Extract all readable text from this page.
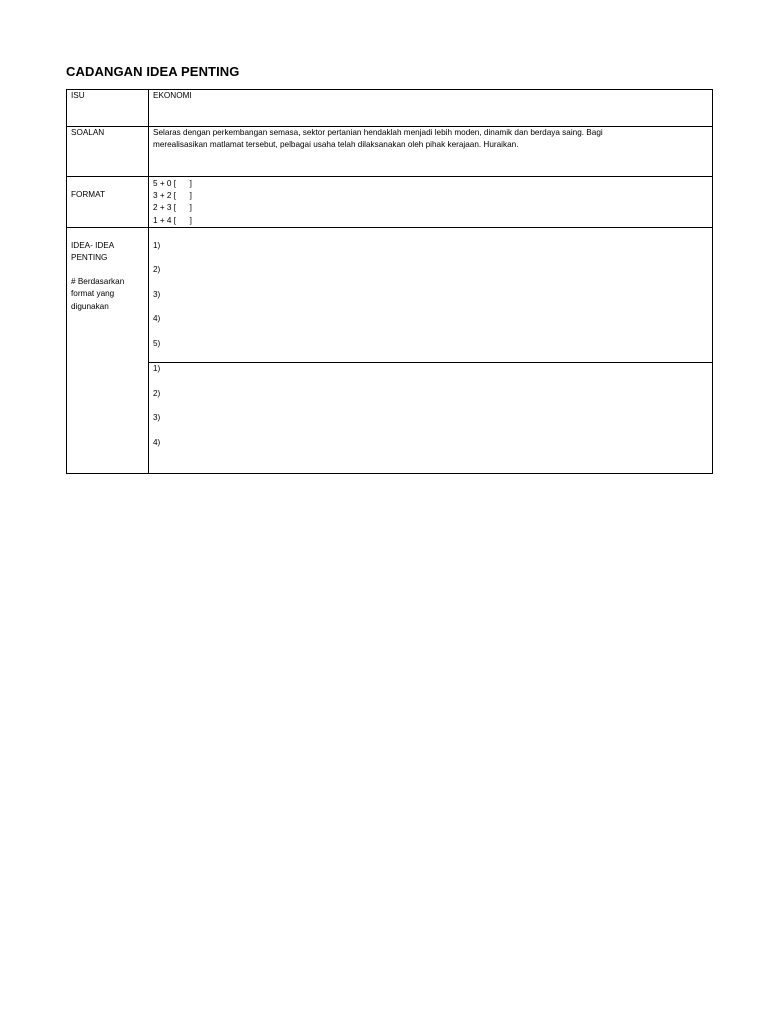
CADANGAN IDEA PENTING
ISU	EKONOMI
SOALAN	Selaras dengan perkembangan semasa, sektor pertanian hendaklah menjadi lebih moden, dinamik dan berdaya saing. Bagi
merealisasikan matlamat tersebut, pelbagai usaha telah dilaksanakan oleh pihak kerajaan. Huraikan.

FORMAT	5 + 0 [      ]
3 + 2 [      ]
2 + 3 [      ]
1 + 4 [      ]

IDEA- IDEA
PENTING
# Berdasarkan
format yang
digunakan	1)
2)
3)
4)
5)

	1)
2)
3)
4)
